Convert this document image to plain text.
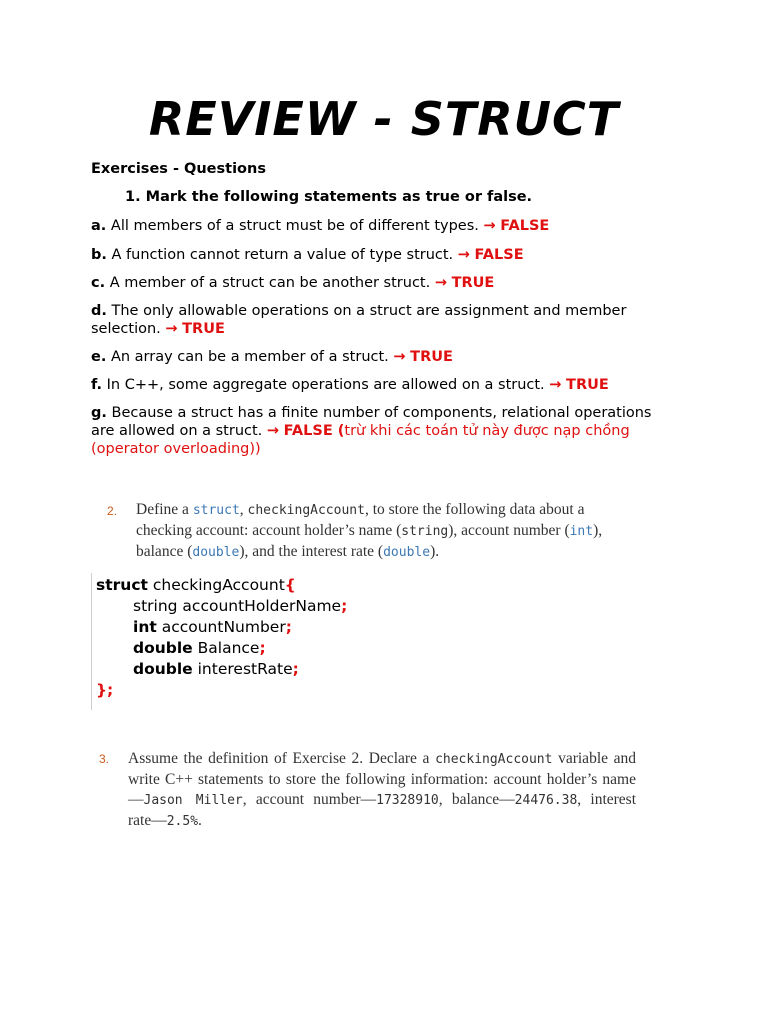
REVIEW - STRUCT
Exercises - Questions
1. Mark the following statements as true or false.
a. All members of a struct must be of different types. → FALSE
b. A function cannot return a value of type struct. → FALSE
c. A member of a struct can be another struct. → TRUE
d. The only allowable operations on a struct are assignment and member selection. → TRUE
e. An array can be a member of a struct. → TRUE
f. In C++, some aggregate operations are allowed on a struct. → TRUE
g. Because a struct has a finite number of components, relational operations are allowed on a struct. → FALSE (trừ khi các toán tử này được nạp chồng (operator overloading))
2. Define a struct, checkingAccount, to store the following data about a checking account: account holder’s name (string), account number (int), balance (double), and the interest rate (double).
struct checkingAccount{
string accountHolderName;
int accountNumber;
double Balance;
double interestRate;
};
3. Assume the definition of Exercise 2. Declare a checkingAccount variable and write C++ statements to store the following information: account holder’s name—Jason Miller, account number—17328910, balance—24476.38, interest rate—2.5%.
